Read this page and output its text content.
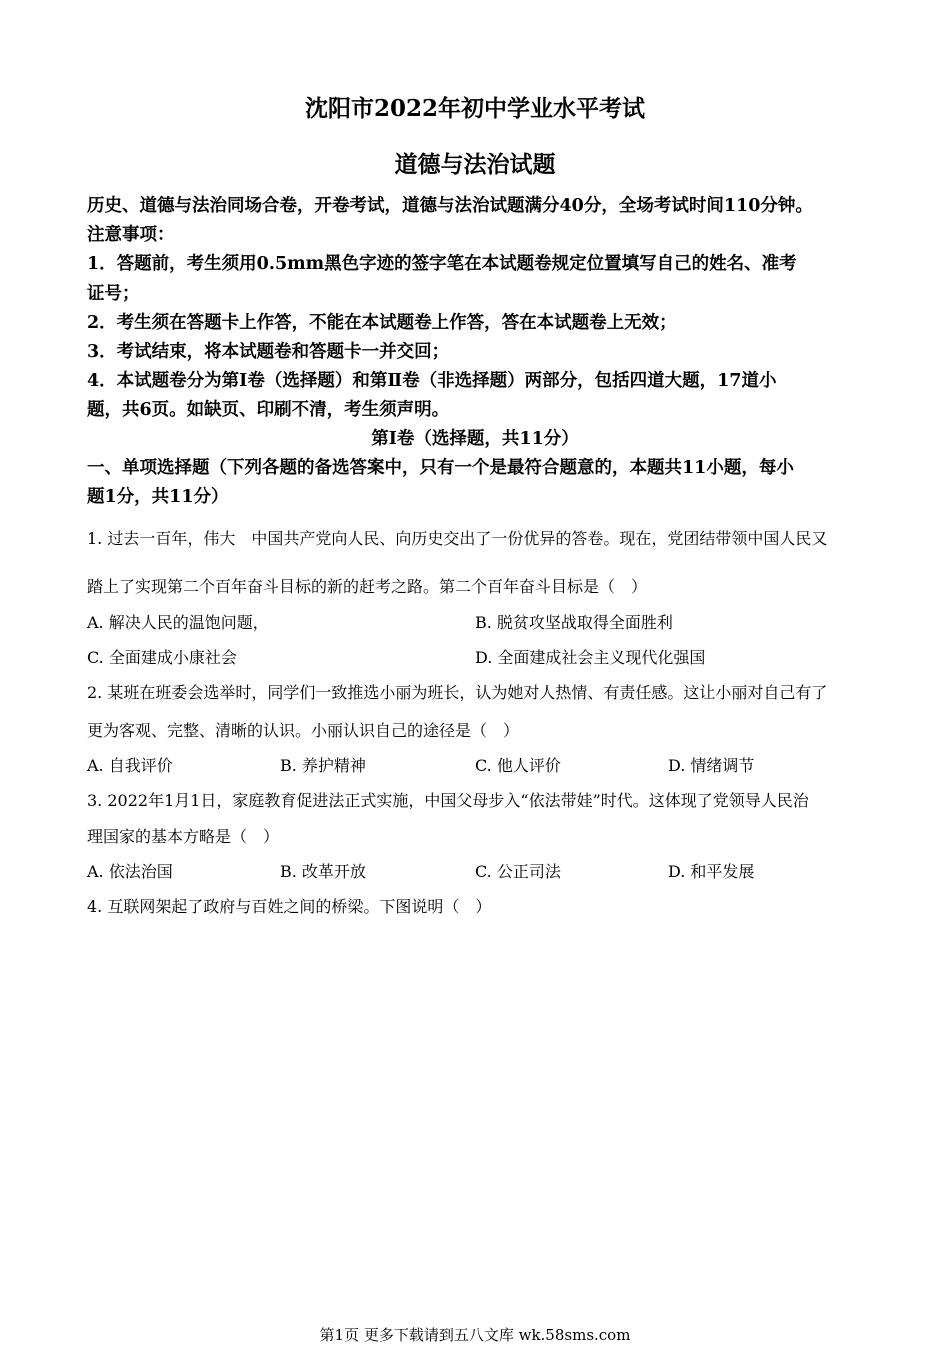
沈阳市2022年初中学业水平考试
道德与法治试题
历史、道德与法治同场合卷，开卷考试，道德与法治试题满分40分，全场考试时间110分钟。
注意事项：
1．答题前，考生须用0.5mm黑色字迹的签字笔在本试题卷规定位置填写自己的姓名、准考
证号；
2．考生须在答题卡上作答，不能在本试题卷上作答，答在本试题卷上无效；
3．考试结束，将本试题卷和答题卡一并交回；
4．本试题卷分为第Ⅰ卷（选择题）和第Ⅱ卷（非选择题）两部分，包括四道大题，17道小
题，共6页。如缺页、印刷不清，考生须声明。
第Ⅰ卷（选择题，共11分）
一、单项选择题（下列各题的备选答案中，只有一个是最符合题意的，本题共11小题，每小
题1分，共11分）
1. 过去一百年，伟大　中国共产党向人民、向历史交出了一份优异的答卷。现在，党团结带领中国人民又
踏上了实现第二个百年奋斗目标的新的赶考之路。第二个百年奋斗目标是（　）
A. 解决人民的温饱问题，	B. 脱贫攻坚战取得全面胜利
C. 全面建成小康社会	D. 全面建成社会主义现代化强国
2. 某班在班委会选举时，同学们一致推选小丽为班长，认为她对人热情、有责任感。这让小丽对自己有了
更为客观、完整、清晰的认识。小丽认识自己的途径是（　）
A. 自我评价	B. 养护精神	C. 他人评价	D. 情绪调节
3. 2022年1月1日，家庭教育促进法正式实施，中国父母步入“依法带娃”时代。这体现了党领导人民治
理国家的基本方略是（　）
A. 依法治国	B. 改革开放	C. 公正司法	D. 和平发展
4. 互联网架起了政府与百姓之间的桥梁。下图说明（　）
第1页 更多下载请到五八文库 wk.58sms.com
